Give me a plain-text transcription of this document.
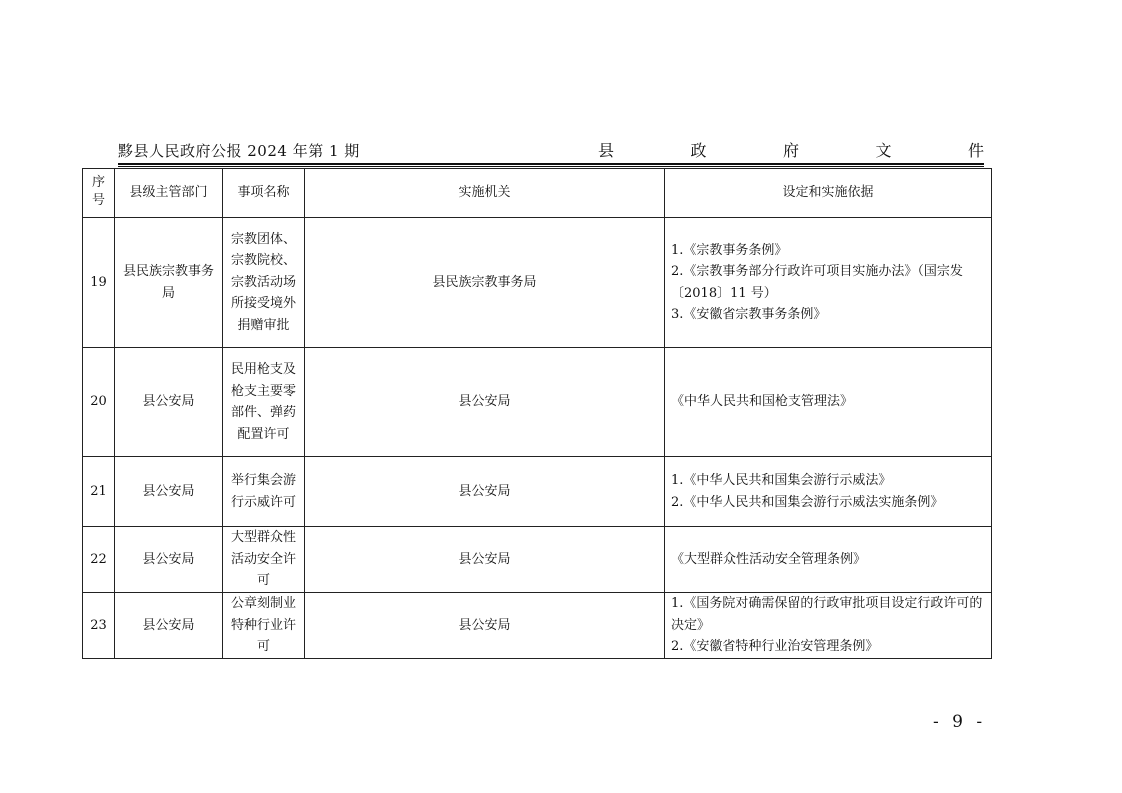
黟县人民政府公报 2024 年第 1 期	县	政	府	文	件
序号	县级主管部门	事项名称	实施机关	设定和实施依据
19	县民族宗教事务局	宗教团体、宗教院校、宗教活动场所接受境外捐赠审批	县民族宗教事务局	1.《宗教事务条例》
2.《宗教事务部分行政许可项目实施办法》（国宗发〔2018〕11 号）
3.《安徽省宗教事务条例》

20	县公安局	民用枪支及枪支主要零部件、弹药配置许可	县公安局	《中华人民共和国枪支管理法》

21	县公安局	举行集会游行示威许可	县公安局	1.《中华人民共和国集会游行示威法》
2.《中华人民共和国集会游行示威法实施条例》

22	县公安局	大型群众性活动安全许可	县公安局	《大型群众性活动安全管理条例》

23	县公安局	公章刻制业特种行业许可	县公安局	1.《国务院对确需保留的行政审批项目设定行政许可的决定》
2.《安徽省特种行业治安管理条例》
- 9 -
